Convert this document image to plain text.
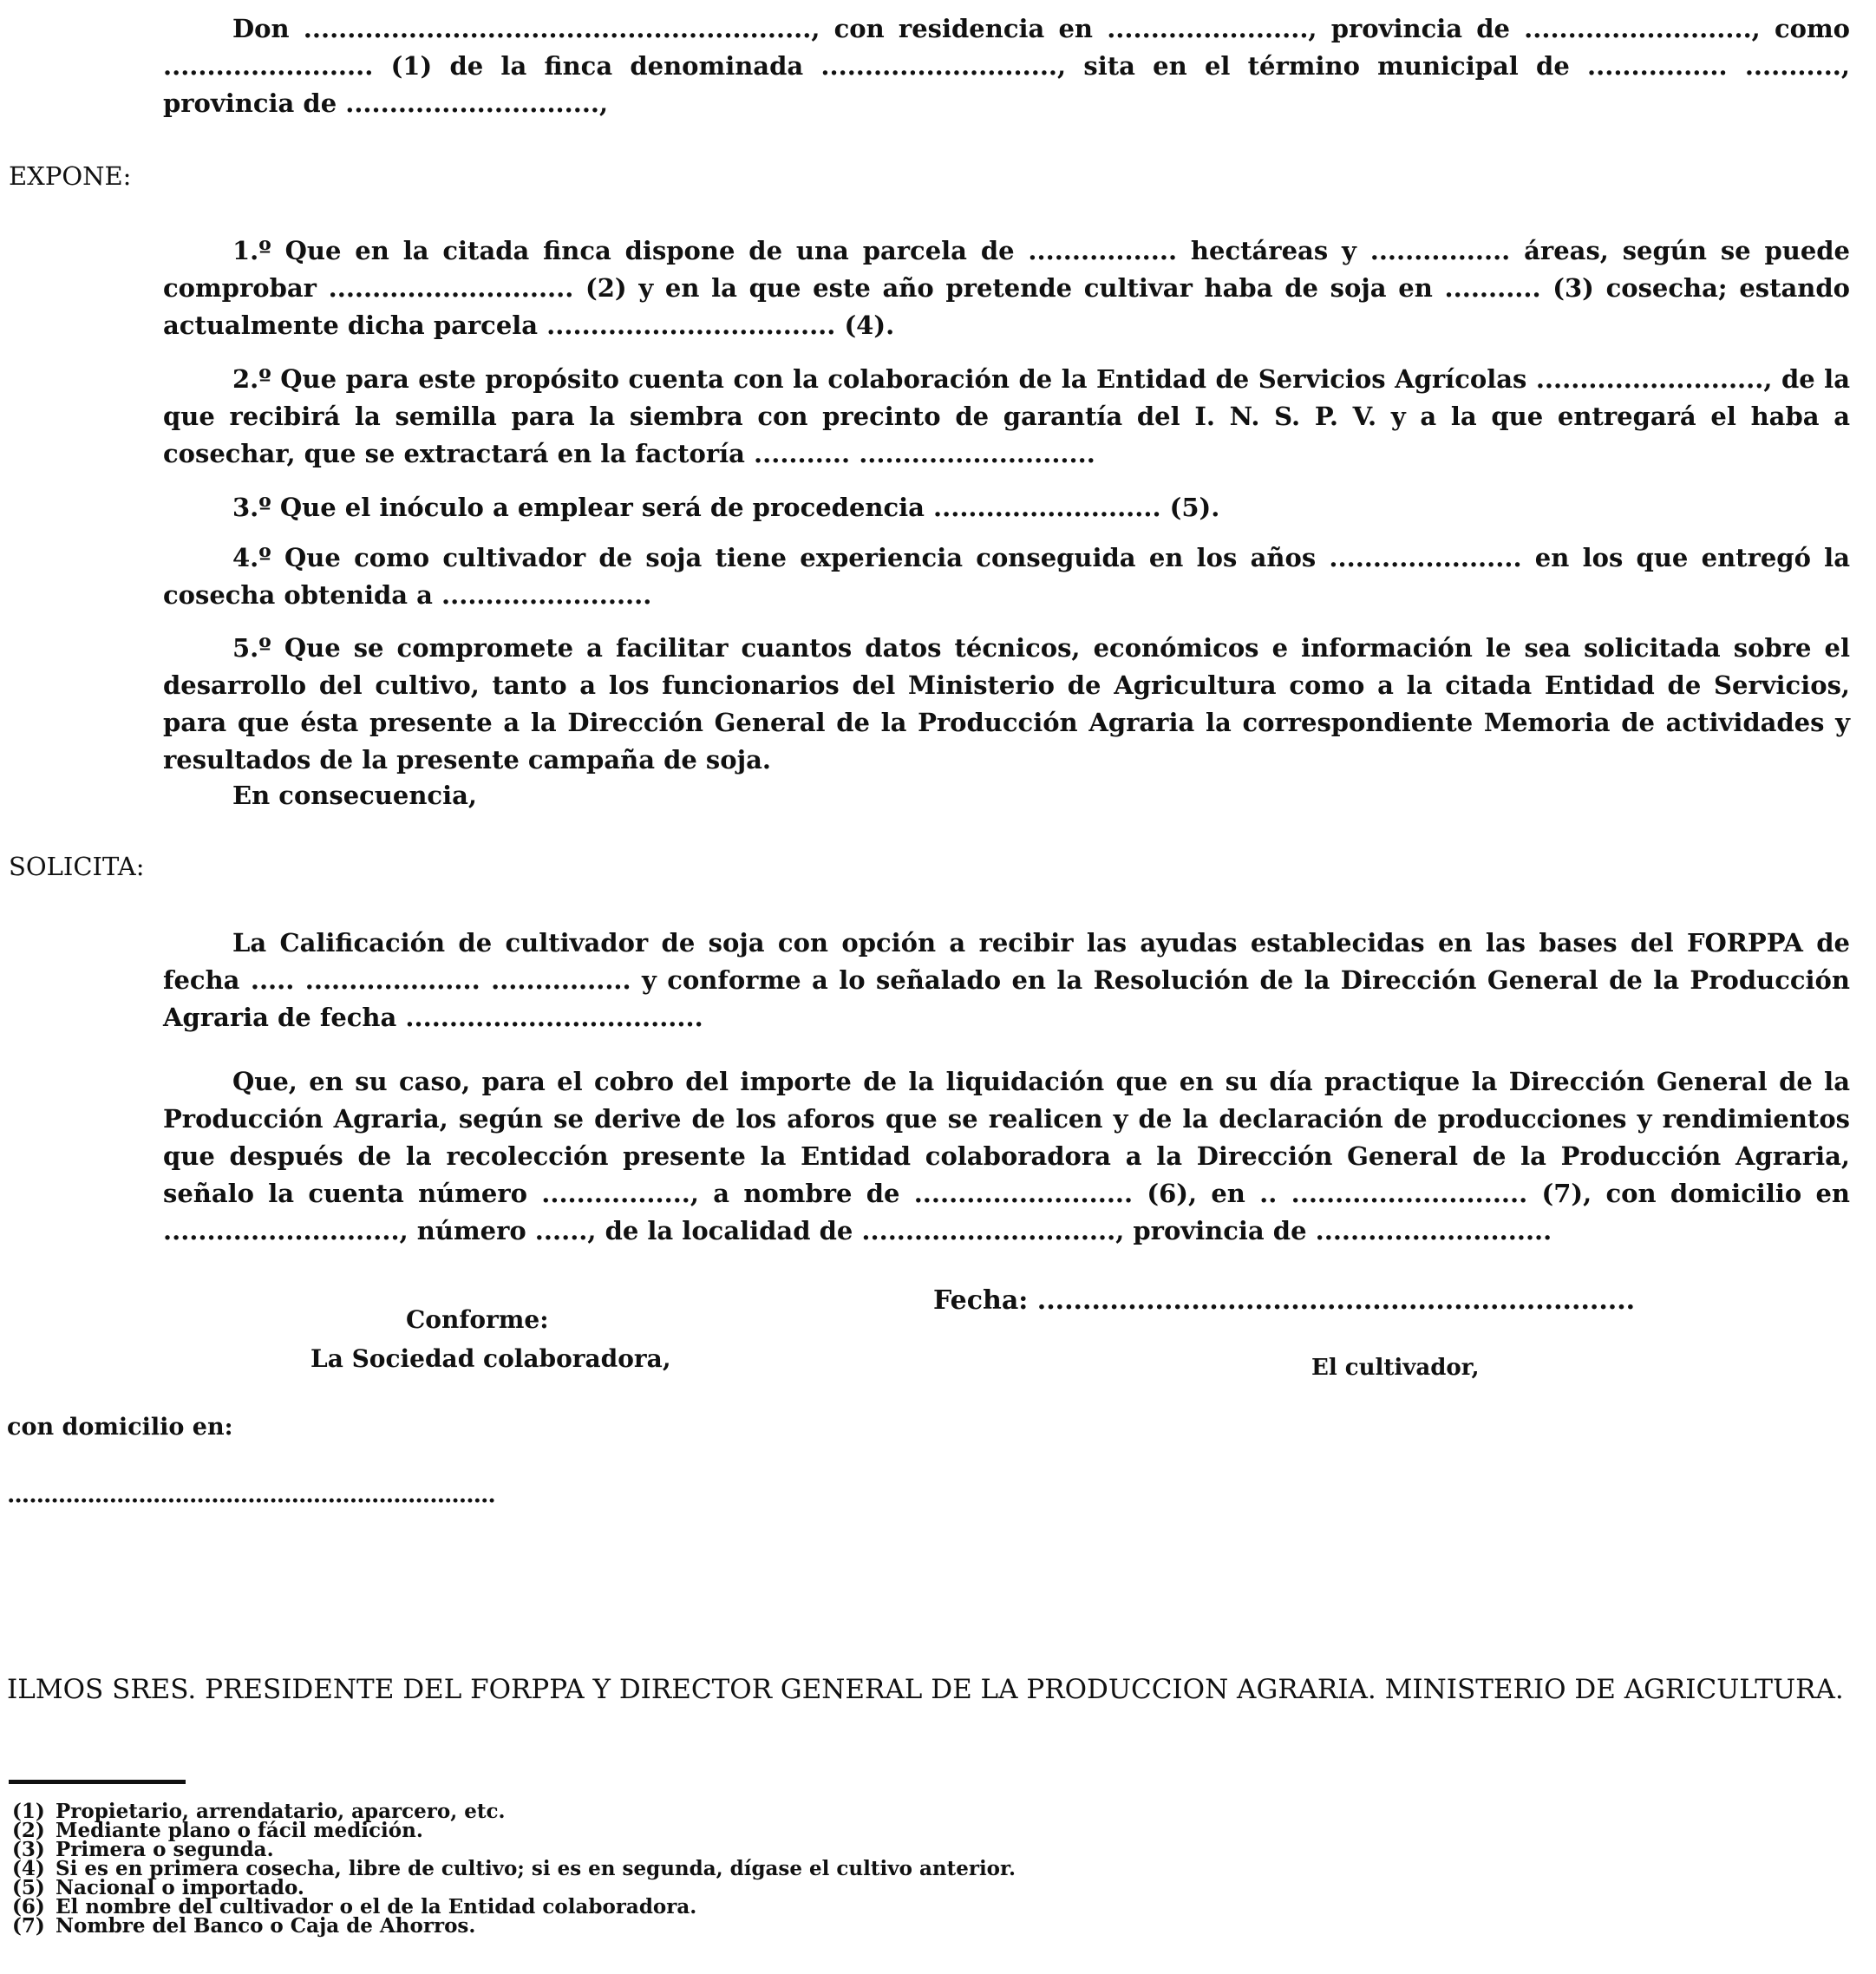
Don .........................................................., con residencia en ......................., provincia de .........................., como ........................ (1) de la finca denominada ..........................., sita en el término municipal de ................ ..........., provincia de .............................,

EXPONE:

1.º Que en la citada finca dispone de una parcela de ................. hectáreas y ................ áreas, según se puede comprobar ............................ (2) y en la que este año pretende cultivar haba de soja en ........... (3) cosecha; estando actualmente dicha parcela ................................. (4).

2.º Que para este propósito cuenta con la colaboración de la Entidad de Servicios Agrícolas .........................., de la que recibirá la semilla para la siembra con precinto de garantía del I. N. S. P. V. y a la que entregará el haba a cosechar, que se extractará en la factoría ........... ...........................

3.º Que el inóculo a emplear será de procedencia .......................... (5).

4.º Que como cultivador de soja tiene experiencia conseguida en los años ...................... en los que entregó la cosecha obtenida a ........................

5.º Que se compromete a facilitar cuantos datos técnicos, económicos e información le sea solicitada sobre el desarrollo del cultivo, tanto a los funcionarios del Ministerio de Agricultura como a la citada Entidad de Servicios, para que ésta presente a la Dirección General de la Producción Agraria la correspondiente Memoria de actividades y resultados de la presente campaña de soja.

En consecuencia,

SOLICITA:

La Calificación de cultivador de soja con opción a recibir las ayudas establecidas en las bases del FORPPA de fecha ..... .................... ................ y conforme a lo señalado en la Resolución de la Dirección General de la Producción Agraria de fecha ..................................

Que, en su caso, para el cobro del importe de la liquidación que en su día practique la Dirección General de la Producción Agraria, según se derive de los aforos que se realicen y de la declaración de producciones y rendimientos que después de la recolección presente la Entidad colaboradora a la Dirección General de la Producción Agraria, señalo la cuenta número ................., a nombre de ......................... (6), en .. ........................... (7), con domicilio en ..........................., número ......, de la localidad de ............................., provincia de ...........................

Fecha: ..................................................................
Conforme:
La Sociedad colaboradora,	El cultivador,
con domicilio en:
...................................................................

ILMOS SRES. PRESIDENTE DEL FORPPA Y DIRECTOR GENERAL DE LA PRODUCCION AGRARIA. MINISTERIO DE AGRICULTURA.

(1) Propietario, arrendatario, aparcero, etc.
(2) Mediante plano o fácil medición.
(3) Primera o segunda.
(4) Si es en primera cosecha, libre de cultivo; si es en segunda, dígase el cultivo anterior.
(5) Nacional o importado.
(6) El nombre del cultivador o el de la Entidad colaboradora.
(7) Nombre del Banco o Caja de Ahorros.
